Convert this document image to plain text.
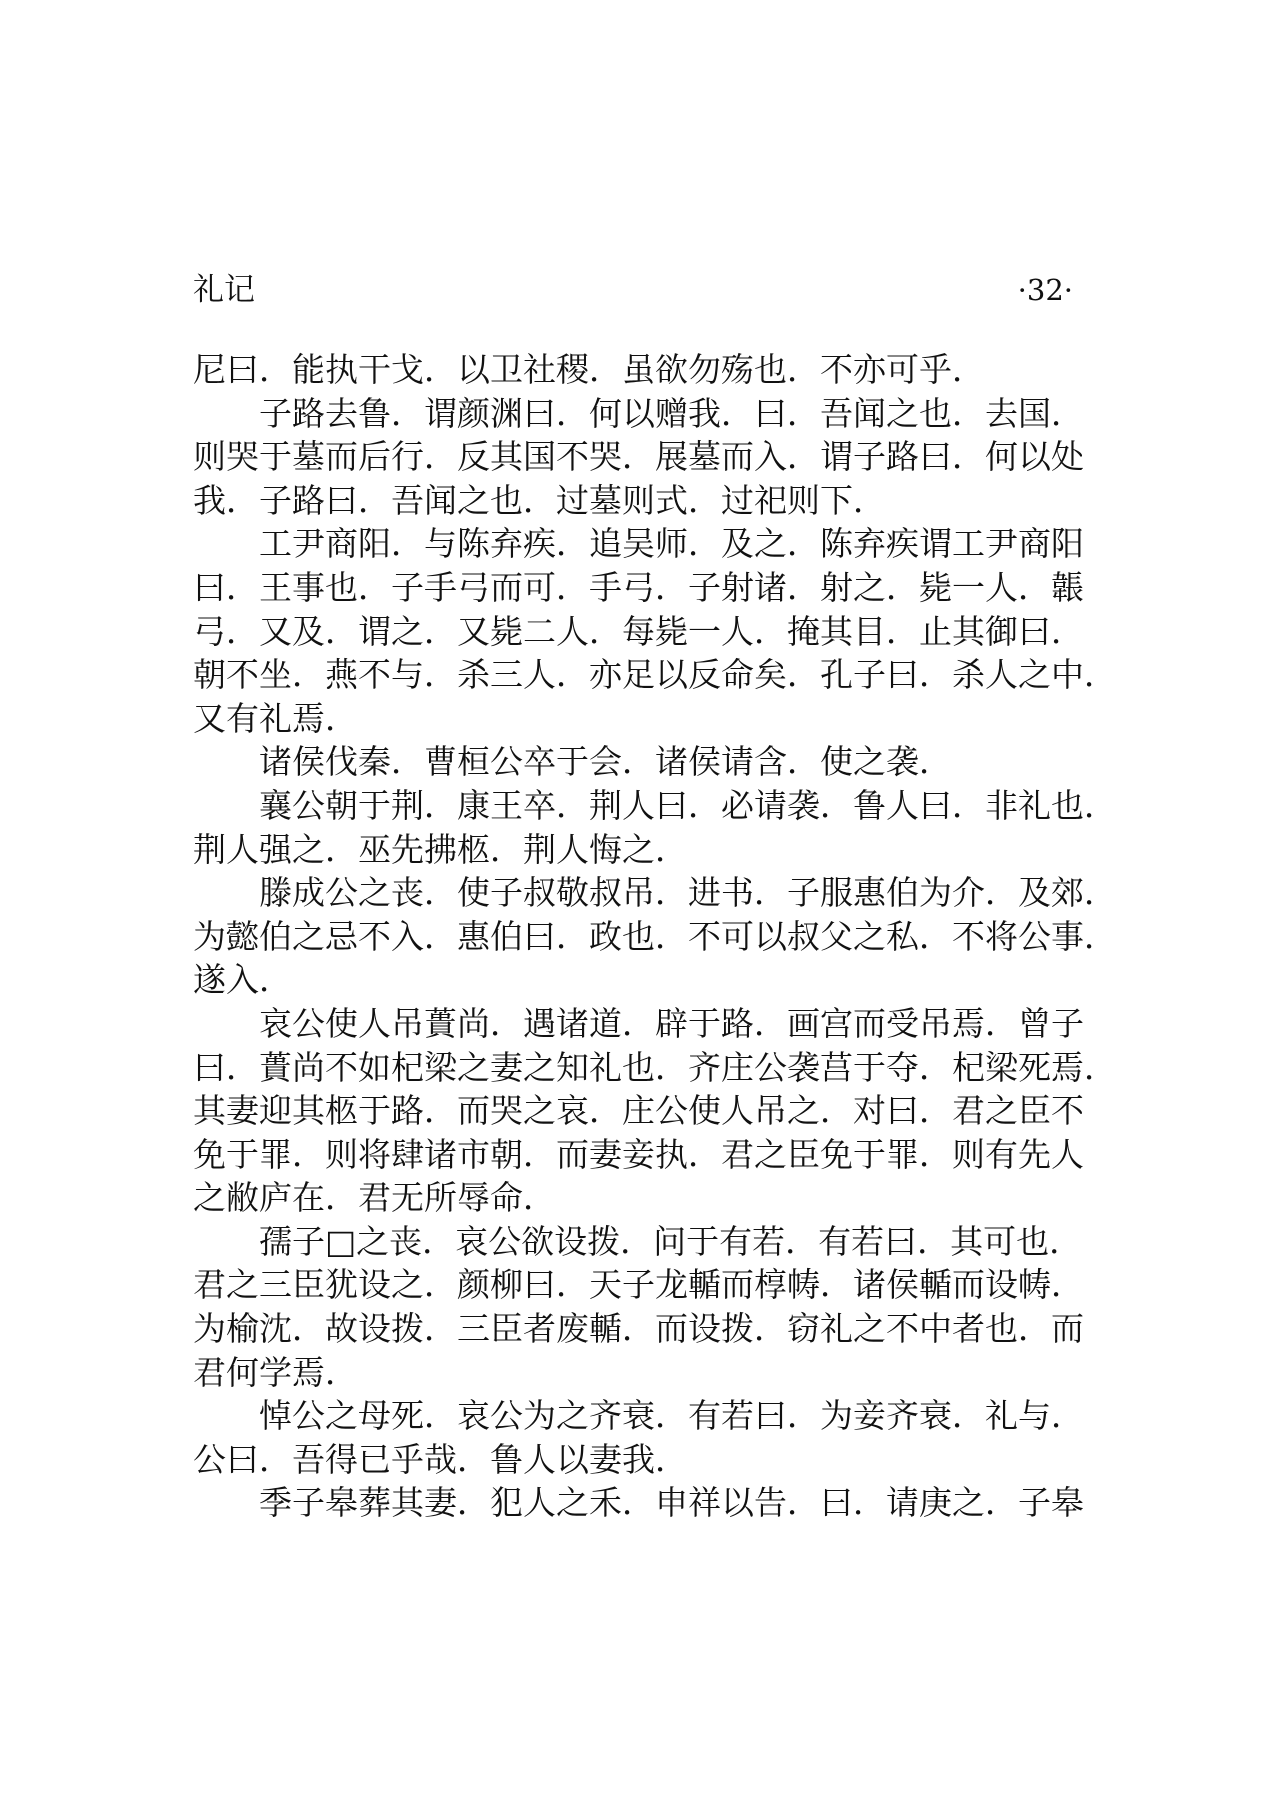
礼记	·32·
尼曰．能执干戈．以卫社稷．虽欲勿殇也．不亦可乎．
子路去鲁．谓颜渊曰．何以赠我．曰．吾闻之也．去国．
则哭于墓而后行．反其国不哭．展墓而入．谓子路曰．何以处
我．子路曰．吾闻之也．过墓则式．过祀则下．
工尹商阳．与陈弃疾．追吴师．及之．陈弃疾谓工尹商阳
曰．王事也．子手弓而可．手弓．子射诸．射之．毙一人．韔
弓．又及．谓之．又毙二人．每毙一人．掩其目．止其御曰．
朝不坐．燕不与．杀三人．亦足以反命矣．孔子曰．杀人之中．
又有礼焉．
诸侯伐秦．曹桓公卒于会．诸侯请含．使之袭．
襄公朝于荆．康王卒．荆人曰．必请袭．鲁人曰．非礼也．
荆人强之．巫先拂柩．荆人悔之．
滕成公之丧．使子叔敬叔吊．进书．子服惠伯为介．及郊．
为懿伯之忌不入．惠伯曰．政也．不可以叔父之私．不将公事．
遂入．
哀公使人吊蕢尚．遇诸道．辟于路．画宫而受吊焉．曾子
曰．蕢尚不如杞梁之妻之知礼也．齐庄公袭莒于夺．杞梁死焉．
其妻迎其柩于路．而哭之哀．庄公使人吊之．对曰．君之臣不
免于罪．则将肆诸市朝．而妻妾执．君之臣免于罪．则有先人
之敝庐在．君无所辱命．
孺子□之丧．哀公欲设拨．问于有若．有若曰．其可也．
君之三臣犹设之．颜柳曰．天子龙輴而椁帱．诸侯輴而设帱．
为榆沈．故设拨．三臣者废輴．而设拨．窃礼之不中者也．而
君何学焉．
悼公之母死．哀公为之齐衰．有若曰．为妾齐衰．礼与．
公曰．吾得已乎哉．鲁人以妻我．
季子皋葬其妻．犯人之禾．申祥以告．曰．请庚之．子皋
